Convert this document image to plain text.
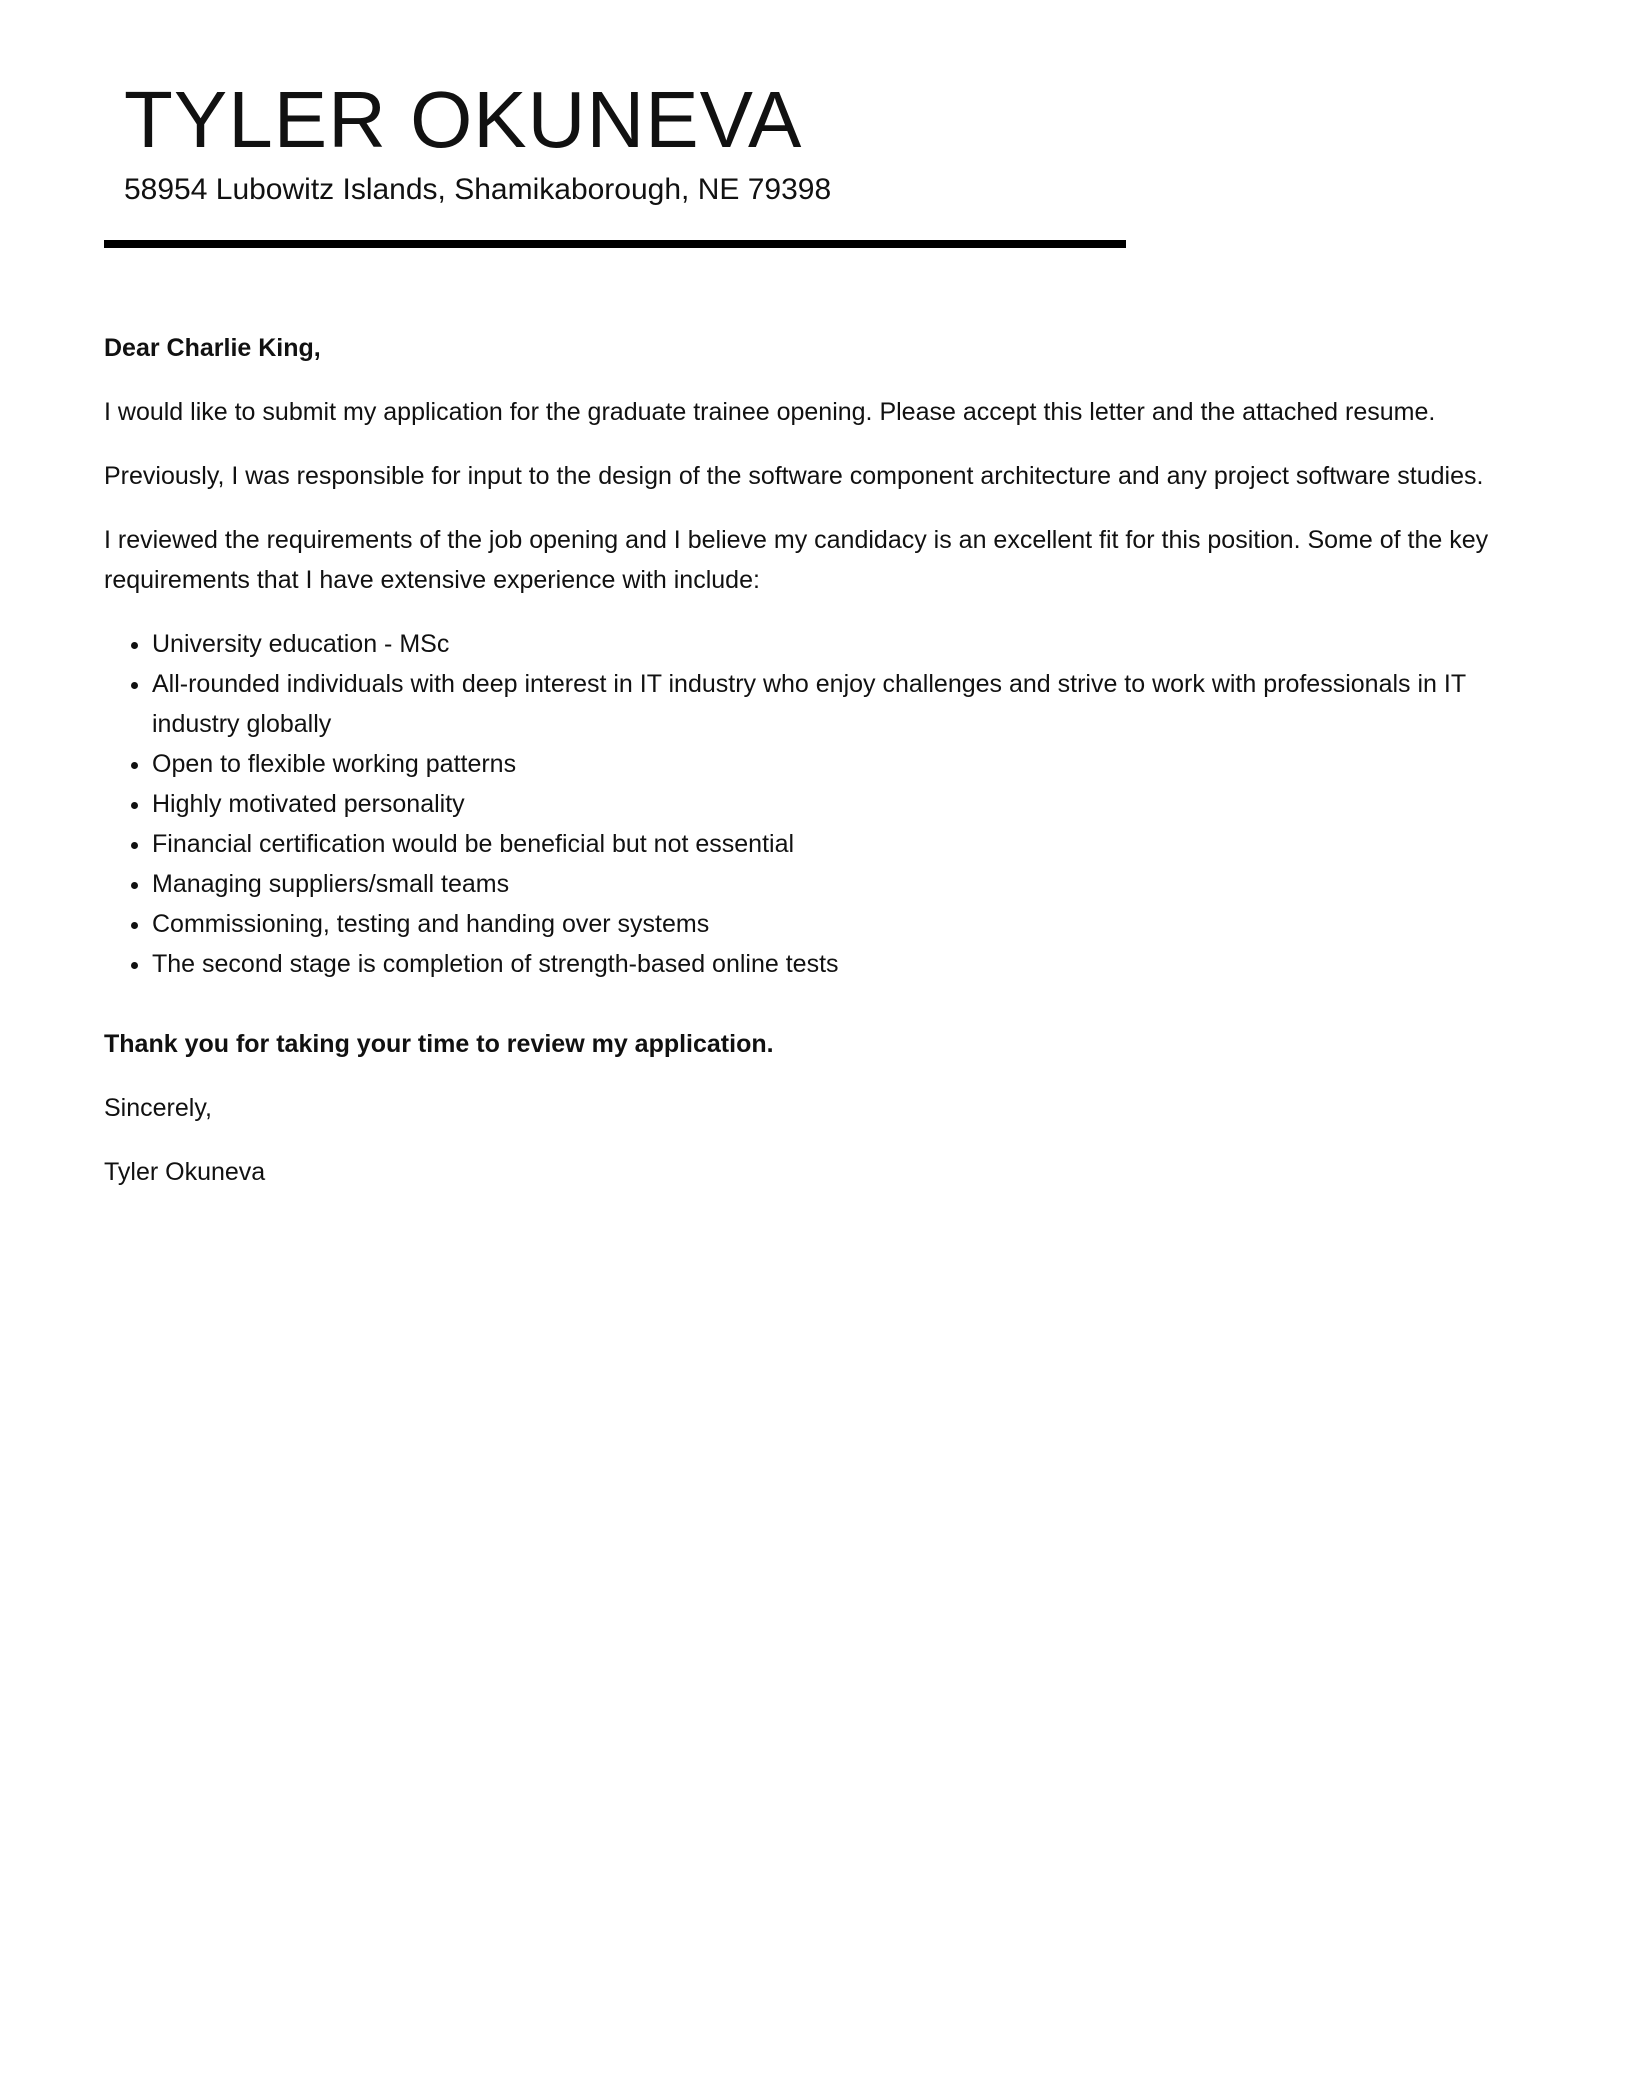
TYLER OKUNEVA
58954 Lubowitz Islands, Shamikaborough, NE 79398

Dear Charlie King,

I would like to submit my application for the graduate trainee opening. Please accept this letter and the attached resume.

Previously, I was responsible for input to the design of the software component architecture and any project software studies.

I reviewed the requirements of the job opening and I believe my candidacy is an excellent fit for this position. Some of the key requirements that I have extensive experience with include:

• University education - MSc
• All-rounded individuals with deep interest in IT industry who enjoy challenges and strive to work with professionals in IT industry globally
• Open to flexible working patterns
• Highly motivated personality
• Financial certification would be beneficial but not essential
• Managing suppliers/small teams
• Commissioning, testing and handing over systems
• The second stage is completion of strength-based online tests

Thank you for taking your time to review my application.

Sincerely,

Tyler Okuneva
